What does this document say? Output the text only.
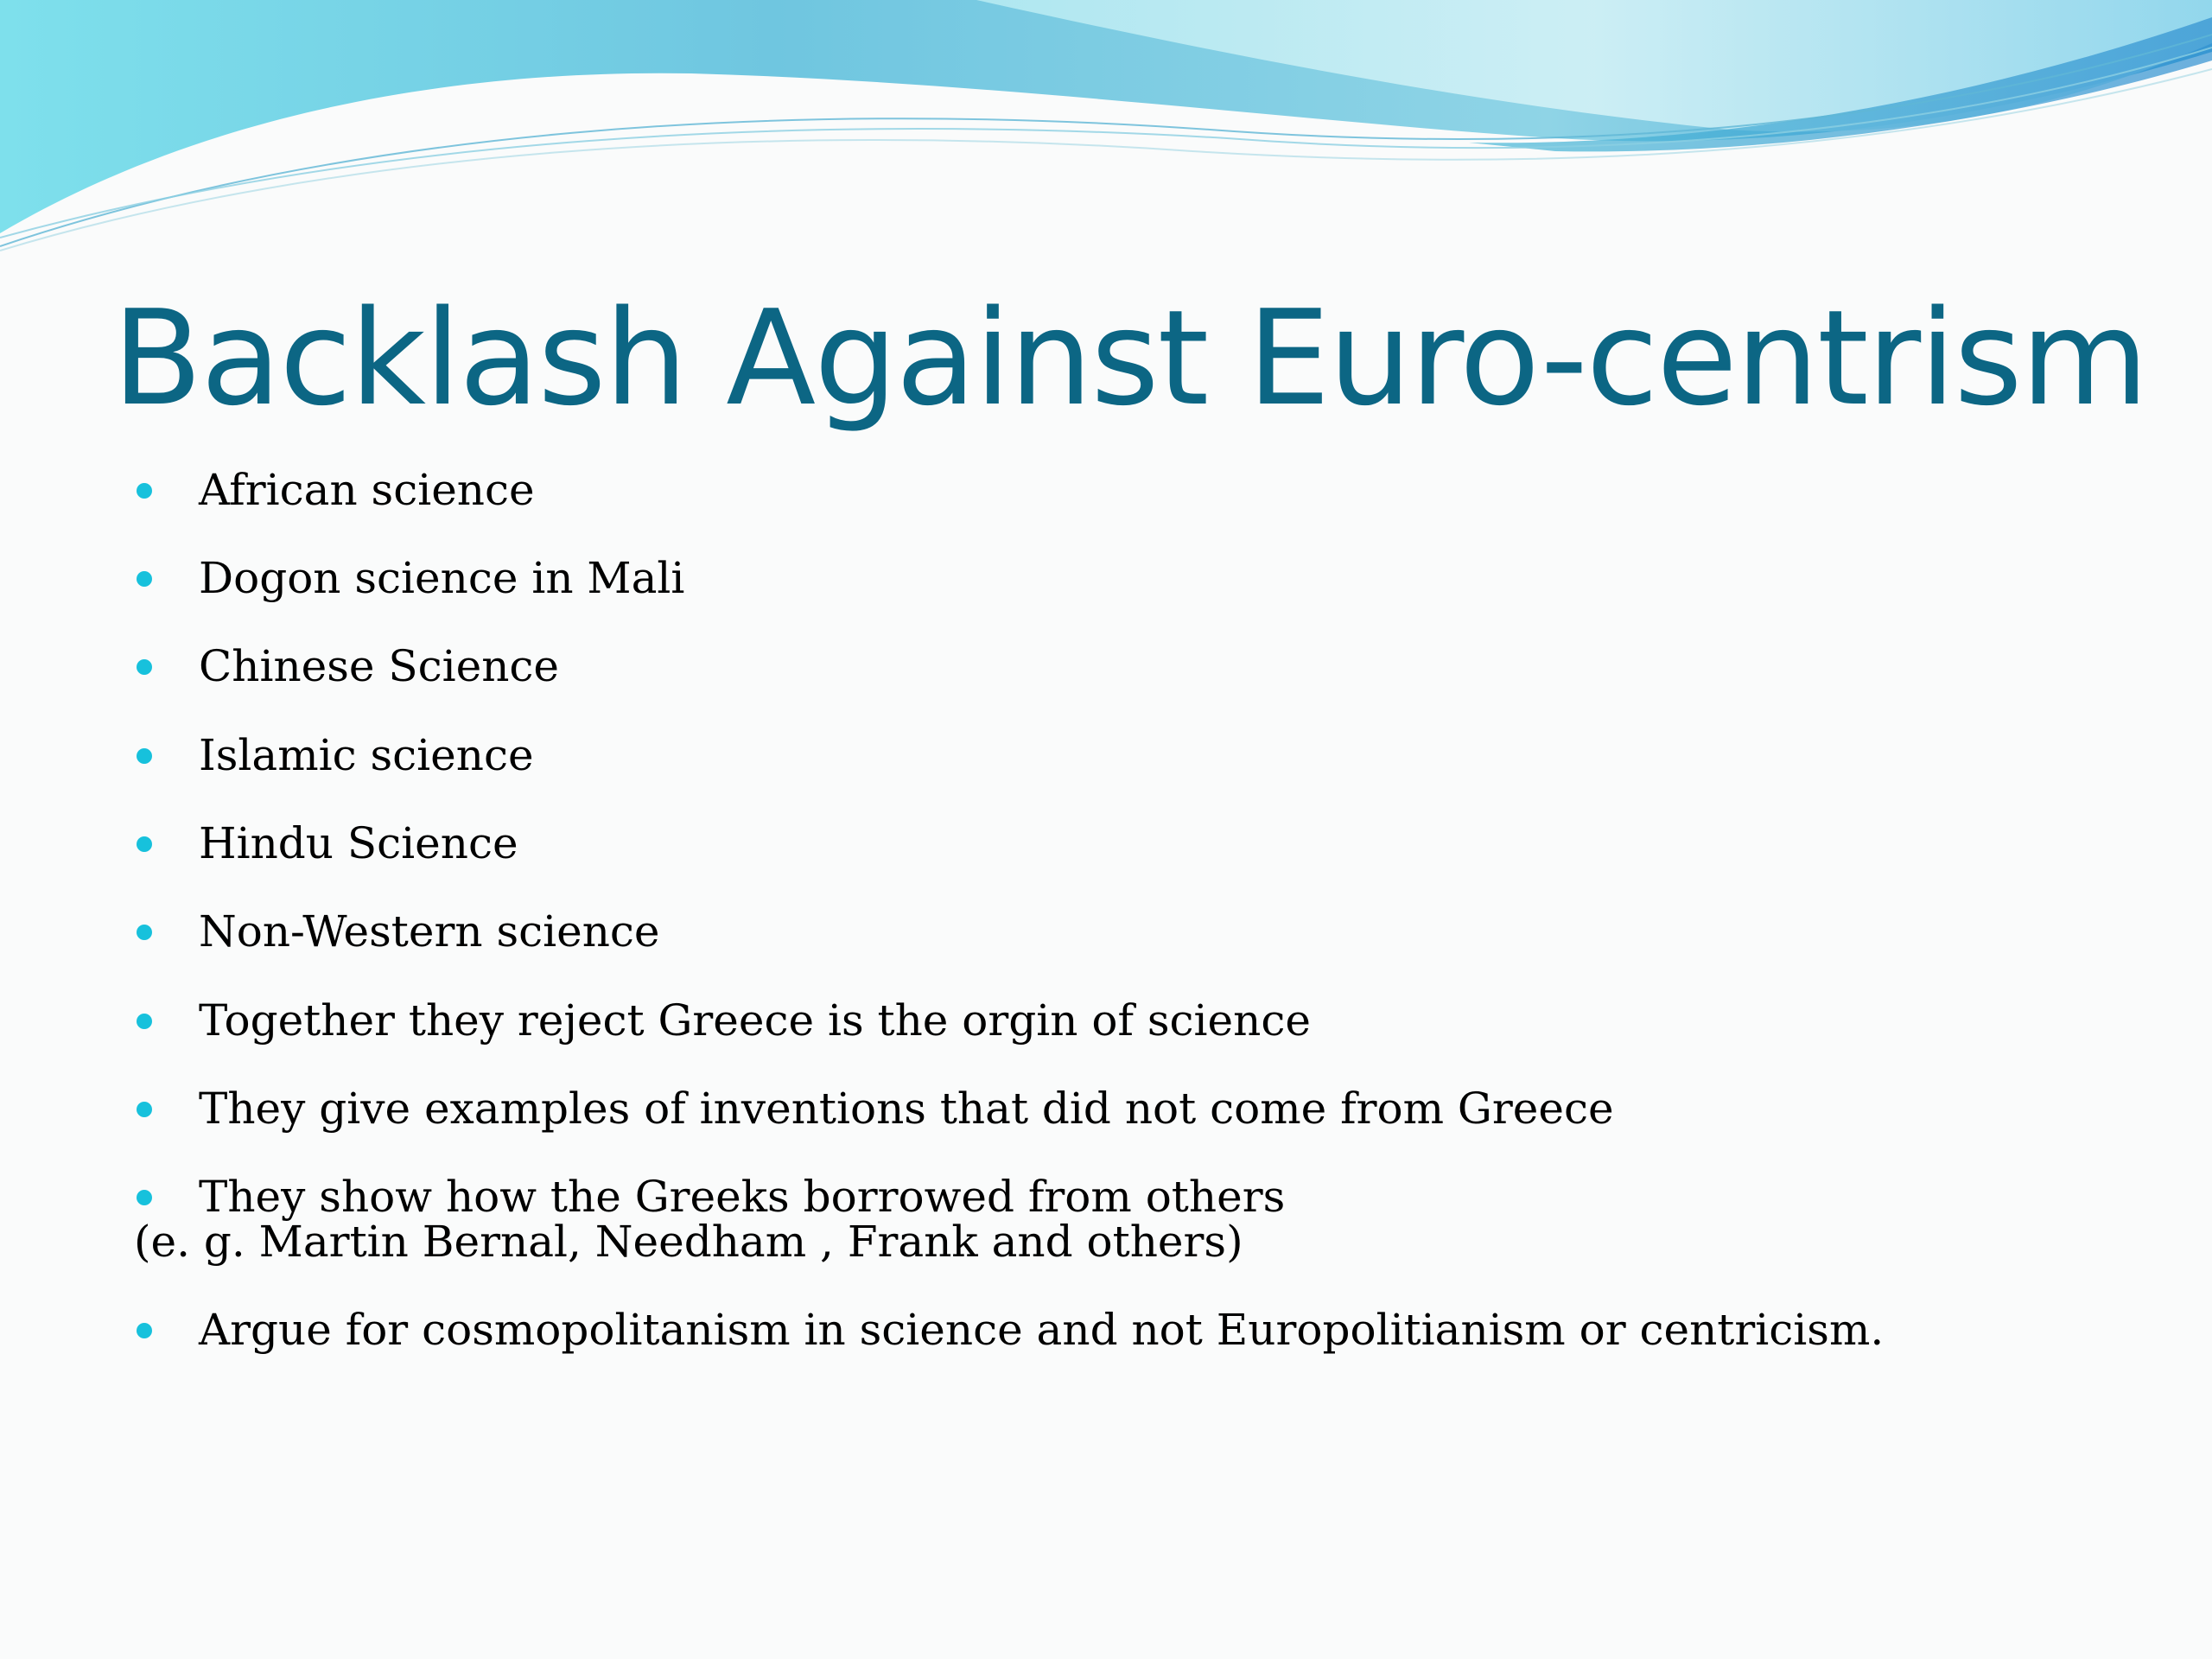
Backlash Against Euro-centrism
African science
Dogon science in Mali
Chinese Science
Islamic science
Hindu Science
Non-Western science
Together they reject Greece is the orgin of science
They give examples of inventions that did not come from Greece
They show how the Greeks borrowed from others
(e. g. Martin Bernal, Needham , Frank and others)
Argue for cosmopolitanism in science and not Europolitianism or centricism.
